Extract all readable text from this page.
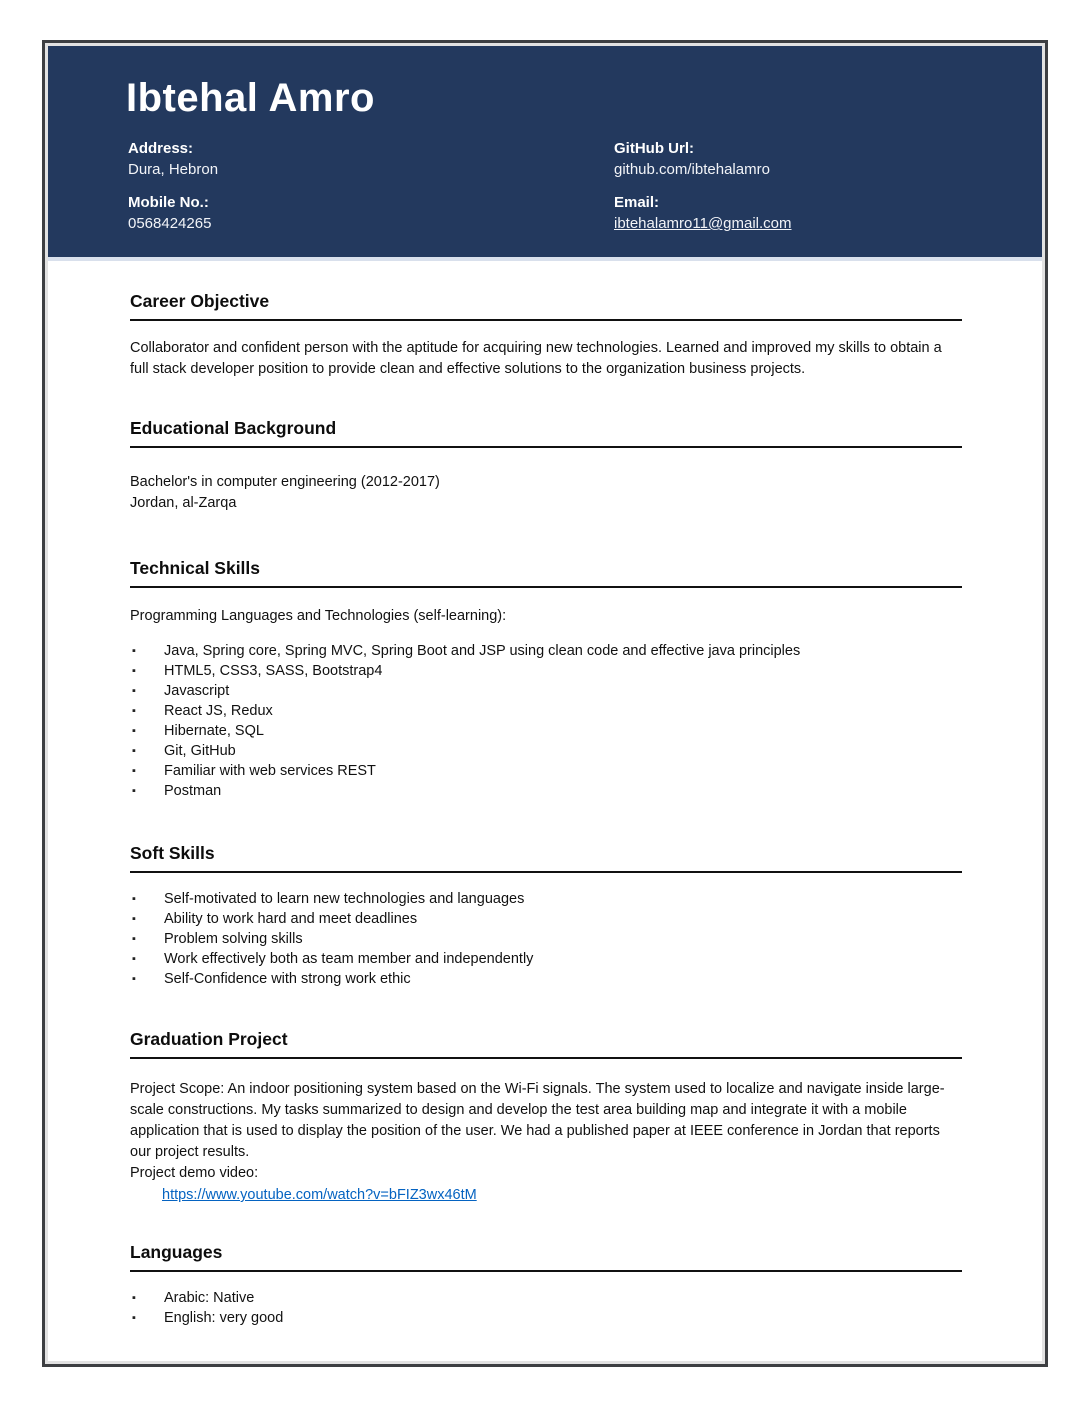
Ibtehal Amro
Address:
Dura, Hebron
Mobile No.:
0568424265
GitHub Url:
github.com/ibtehalamro
Email:
ibtehalamro11@gmail.com
Career Objective

Collaborator and confident person with the aptitude for acquiring new technologies. Learned and improved my skills to obtain a full stack developer position to provide clean and effective solutions to the organization business projects.

Educational Background
Bachelor's in computer engineering (2012-2017)
Jordan, al-Zarqa
Technical Skills

Programming Languages and Technologies (self-learning):

▪ Java, Spring core, Spring MVC, Spring Boot and JSP using clean code and effective java principles
▪ HTML5, CSS3, SASS, Bootstrap4
▪ Javascript
▪ React JS, Redux
▪ Hibernate, SQL
▪ Git, GitHub
▪ Familiar with web services REST
▪ Postman
Soft Skills
▪ Self-motivated to learn new technologies and languages
▪ Ability to work hard and meet deadlines
▪ Problem solving skills
▪ Work effectively both as team member and independently
▪ Self-Confidence with strong work ethic
Graduation Project

Project Scope: An indoor positioning system based on the Wi-Fi signals. The system used to localize and navigate inside large-scale constructions. My tasks summarized to design and develop the test area building map and integrate it with a mobile application that is used to display the position of the user. We had a published paper at IEEE conference in Jordan that reports our project results.

Project demo video:

https://www.youtube.com/watch?v=bFIZ3wx46tM

Languages
▪ Arabic: Native
▪ English: very good
